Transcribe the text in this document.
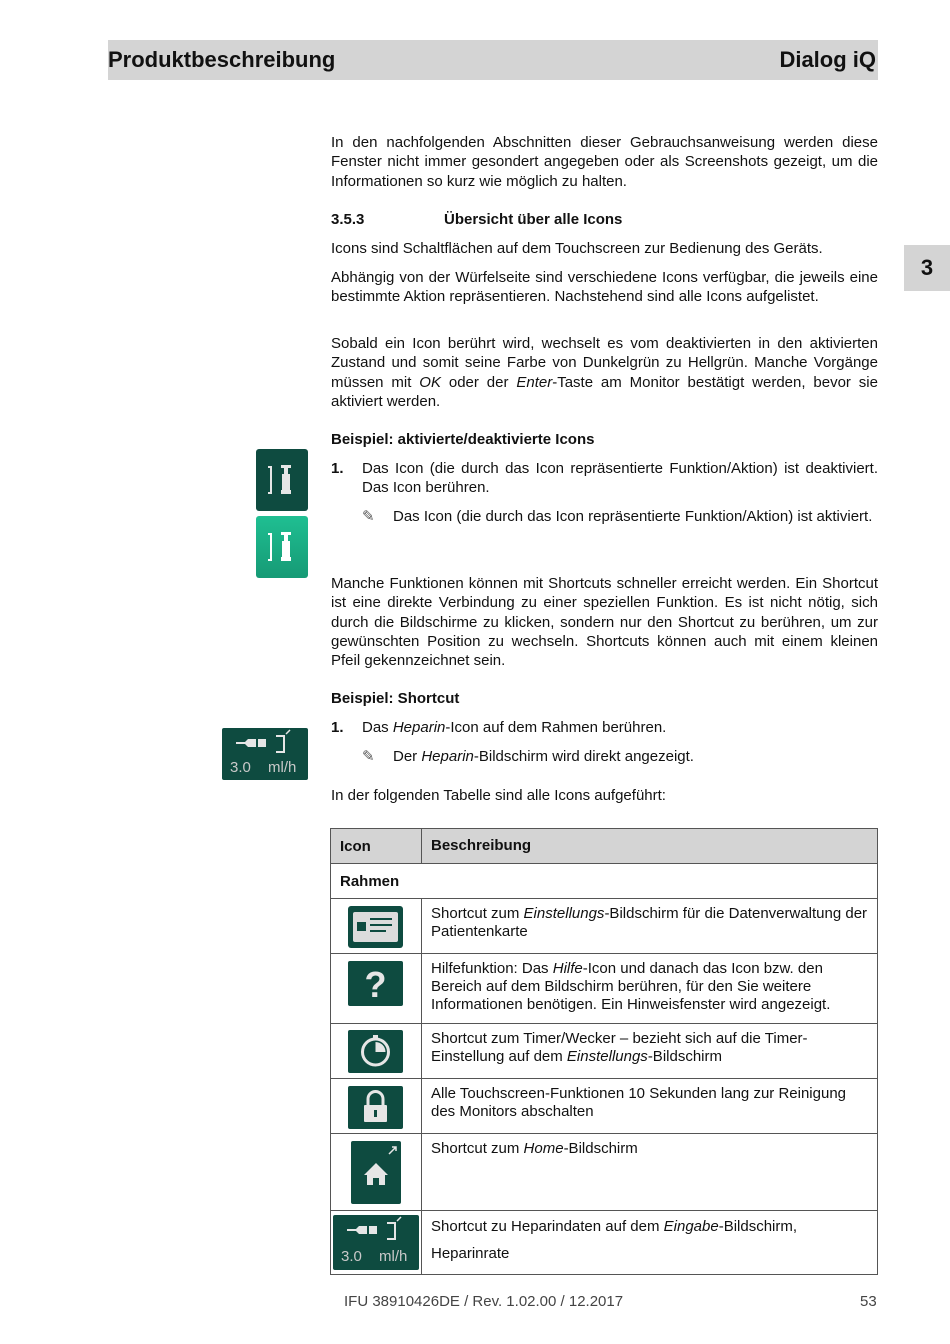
Produktbeschreibung	Dialog iQ
3

In den nachfolgenden Abschnitten dieser Gebrauchsanweisung werden diese Fenster nicht immer gesondert angegeben oder als Screenshots gezeigt, um die Informationen so kurz wie möglich zu halten.

3.5.3	Übersicht über alle Icons

Icons sind Schaltflächen auf dem Touchscreen zur Bedienung des Geräts.

Abhängig von der Würfelseite sind verschiedene Icons verfügbar, die jeweils eine bestimmte Aktion repräsentieren. Nachstehend sind alle Icons aufgelistet.

Sobald ein Icon berührt wird, wechselt es vom deaktivierten in den aktivierten Zustand und somit seine Farbe von Dunkelgrün zu Hellgrün. Manche Vorgänge müssen mit OK oder der Enter-Taste am Monitor bestätigt werden, bevor sie aktiviert werden.

Beispiel: aktivierte/deaktivierte Icons
1. Das Icon (die durch das Icon repräsentierte Funktion/Aktion) ist deaktiviert. Das Icon berühren.

✎ Das Icon (die durch das Icon repräsentierte Funktion/Aktion) ist aktiviert.

Manche Funktionen können mit Shortcuts schneller erreicht werden. Ein Shortcut ist eine direkte Verbindung zu einer speziellen Funktion. Es ist nicht nötig, sich durch die Bildschirme zu klicken, sondern nur den Shortcut zu berühren, um zur gewünschten Position zu wechseln. Shortcuts können auch mit einem kleinen Pfeil gekennzeichnet sein.

Beispiel: Shortcut
3.0 ml/h
1. Das Heparin-Icon auf dem Rahmen berühren.

✎ Der Heparin-Bildschirm wird direkt angezeigt.

In der folgenden Tabelle sind alle Icons aufgeführt:

Icon	Beschreibung
Rahmen
Shortcut zum Einstellungs-Bildschirm für die Datenverwaltung der Patientenkarte
?	Hilfefunktion: Das Hilfe-Icon und danach das Icon bzw. den Bereich auf dem Bildschirm berühren, für den Sie weitere Informationen benötigen. Ein Hinweisfenster wird angezeigt.
Shortcut zum Timer/Wecker – bezieht sich auf die Timer-Einstellung auf dem Einstellungs-Bildschirm
Alle Touchscreen-Funktionen 10 Sekunden lang zur Reinigung des Monitors abschalten
Shortcut zum Home-Bildschirm
3.0 ml/h
Shortcut zu Heparindaten auf dem Eingabe-Bildschirm,
Heparinrate
IFU 38910426DE / Rev. 1.02.00 / 12.2017	53
